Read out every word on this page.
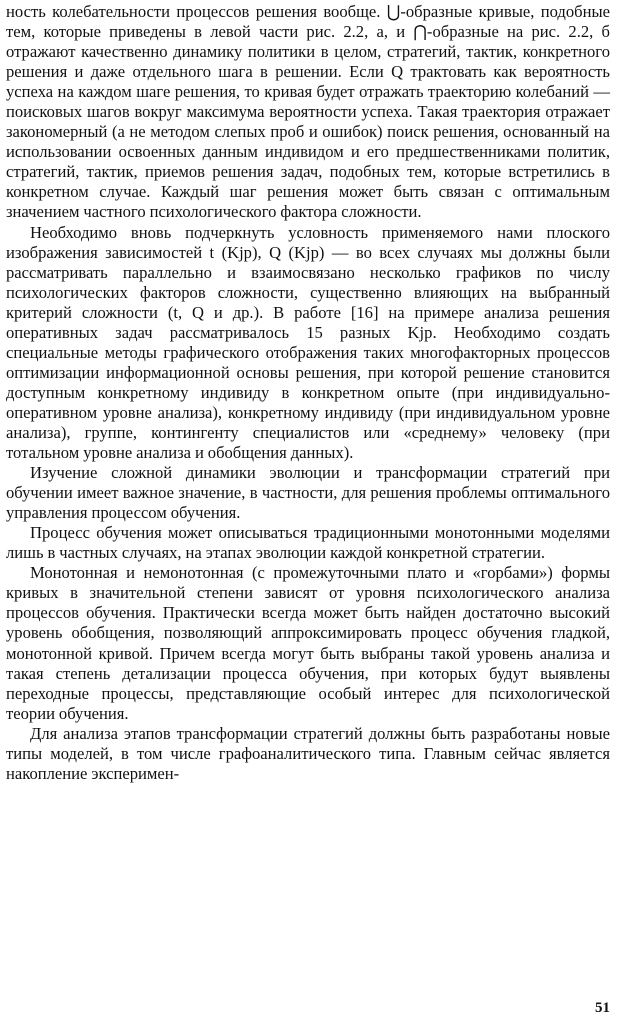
ность колебательности процессов решения вообще. ⋃-образные кривые, подобные тем, которые приведены в левой части рис. 2.2, а, и ⋂-образные на рис. 2.2, б отражают качественно динамику политики в целом, стратегий, тактик, конкретного решения и даже отдельного шага в решении. Если Q трактовать как вероятность успеха на каждом шаге решения, то кривая будет отражать траекторию колебаний — поисковых шагов вокруг максимума вероятности успеха. Такая траектория отражает закономерный (а не методом слепых проб и ошибок) поиск решения, основанный на использовании освоенных данным индивидом и его предшественниками политик, стратегий, тактик, приемов решения задач, подобных тем, которые встретились в конкретном случае. Каждый шаг решения может быть связан с оптимальным значением частного психологического фактора сложности.

Необходимо вновь подчеркнуть условность применяемого нами плоского изображения зависимостей t (Kjp), Q (Kjp) — во всех случаях мы должны были рассматривать параллельно и взаимосвязано несколько графиков по числу психологических факторов сложности, существенно влияющих на выбранный критерий сложности (t, Q и др.). В работе [16] на примере анализа решения оперативных задач рассматривалось 15 разных Kjp. Необходимо создать специальные методы графического отображения таких многофакторных процессов оптимизации информационной основы решения, при которой решение становится доступным конкретному индивиду в конкретном опыте (при индивидуально-оперативном уровне анализа), конкретному индивиду (при индивидуальном уровне анализа), группе, контингенту специалистов или «среднему» человеку (при тотальном уровне анализа и обобщения данных).

Изучение сложной динамики эволюции и трансформации стратегий при обучении имеет важное значение, в частности, для решения проблемы оптимального управления процессом обучения.

Процесс обучения может описываться традиционными монотонными моделями лишь в частных случаях, на этапах эволюции каждой конкретной стратегии.

Монотонная и немонотонная (с промежуточными плато и «горбами») формы кривых в значительной степени зависят от уровня психологического анализа процессов обучения. Практически всегда может быть найден достаточно высокий уровень обобщения, позволяющий аппроксимировать процесс обучения гладкой, монотонной кривой. Причем всегда могут быть выбраны такой уровень анализа и такая степень детализации процесса обучения, при которых будут выявлены переходные процессы, представляющие особый интерес для психологической теории обучения.

Для анализа этапов трансформации стратегий должны быть разработаны новые типы моделей, в том числе графоаналитического типа. Главным сейчас является накопление эксперимен-

51
